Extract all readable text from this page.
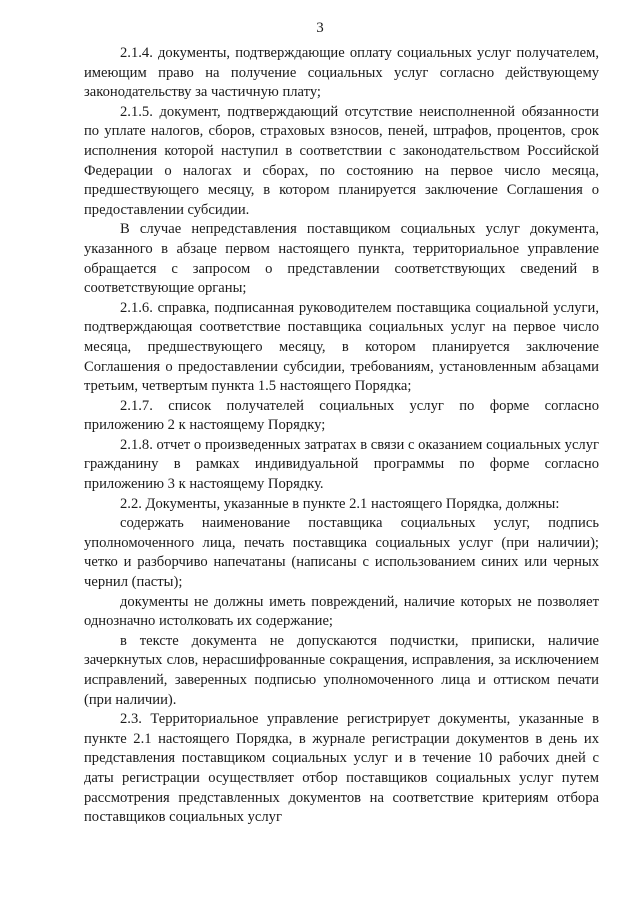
3

2.1.4. документы, подтверждающие оплату социальных услуг получателем, имеющим право на получение социальных услуг согласно действующему законодательству за частичную плату;

2.1.5. документ, подтверждающий отсутствие неисполненной обязанности по уплате налогов, сборов, страховых взносов, пеней, штрафов, процентов, срок исполнения которой наступил в соответствии с законодательством Российской Федерации о налогах и сборах, по состоянию на первое число месяца, предшествующего месяцу, в котором планируется заключение Соглашения о предоставлении субсидии.

В случае непредставления поставщиком социальных услуг документа, указанного в абзаце первом настоящего пункта, территориальное управление обращается с запросом о представлении соответствующих сведений в соответствующие органы;

2.1.6. справка, подписанная руководителем поставщика социальной услуги, подтверждающая соответствие поставщика социальных услуг на первое число месяца, предшествующего месяцу, в котором планируется заключение Соглашения о предоставлении субсидии, требованиям, установленным абзацами третьим, четвертым пункта 1.5 настоящего Порядка;

2.1.7. список получателей социальных услуг по форме согласно приложению 2 к настоящему Порядку;

2.1.8. отчет о произведенных затратах в связи с оказанием социальных услуг гражданину в рамках индивидуальной программы по форме согласно приложению 3 к настоящему Порядку.

2.2. Документы, указанные в пункте 2.1 настоящего Порядка, должны:

содержать наименование поставщика социальных услуг, подпись уполномоченного лица, печать поставщика социальных услуг (при наличии); четко и разборчиво напечатаны (написаны с использованием синих или черных чернил (пасты);

документы не должны иметь повреждений, наличие которых не позволяет однозначно истолковать их содержание;

в тексте документа не допускаются подчистки, приписки, наличие зачеркнутых слов, нерасшифрованные сокращения, исправления, за исключением исправлений, заверенных подписью уполномоченного лица и оттиском печати (при наличии).

2.3. Территориальное управление регистрирует документы, указанные в пункте 2.1 настоящего Порядка, в журнале регистрации документов в день их представления поставщиком социальных услуг и в течение 10 рабочих дней с даты регистрации осуществляет отбор поставщиков социальных услуг путем рассмотрения представленных документов на соответствие критериям отбора поставщиков социальных услуг
